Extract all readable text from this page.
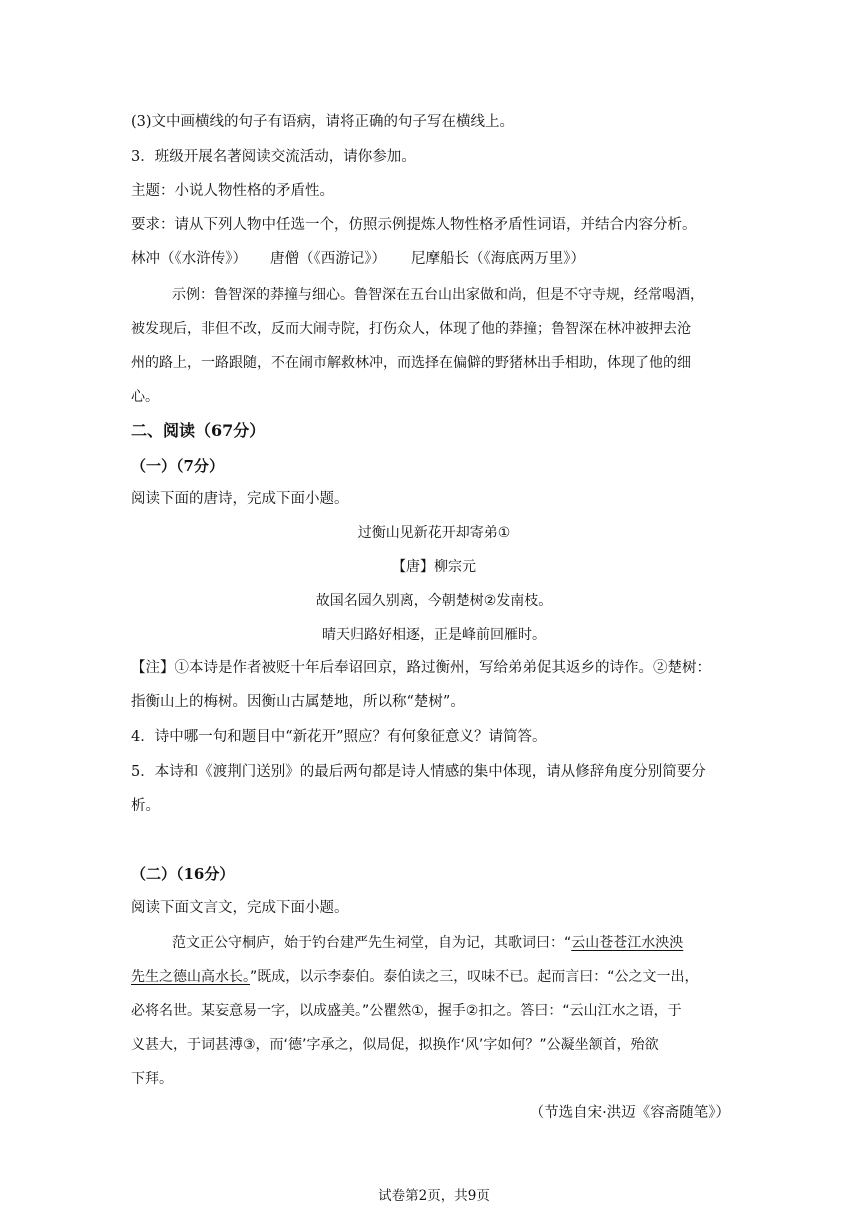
(3)文中画横线的句子有语病，请将正确的句子写在横线上。
3．班级开展名著阅读交流活动，请你参加。
主题：小说人物性格的矛盾性。
要求：请从下列人物中任选一个，仿照示例提炼人物性格矛盾性词语，并结合内容分析。
林冲（《水浒传》） 唐僧（《西游记》） 尼摩船长（《海底两万里》）
示例：鲁智深的莽撞与细心。鲁智深在五台山出家做和尚，但是不守寺规，经常喝酒，
被发现后，非但不改，反而大闹寺院，打伤众人，体现了他的莽撞；鲁智深在林冲被押去沧
州的路上，一路跟随，不在闹市解救林冲，而选择在偏僻的野猪林出手相助，体现了他的细
心。
二、阅读（67分）
（一）（7分）
阅读下面的唐诗，完成下面小题。
过衡山见新花开却寄弟①
【唐】柳宗元
故国名园久别离，今朝楚树②发南枝。
晴天归路好相逐，正是峰前回雁时。
【注】①本诗是作者被贬十年后奉诏回京，路过衡州，写给弟弟促其返乡的诗作。②楚树：
指衡山上的梅树。因衡山古属楚地，所以称“楚树”。
4．诗中哪一句和题目中“新花开”照应？有何象征意义？请简答。
5．本诗和《渡荆门送别》的最后两句都是诗人情感的集中体现，请从修辞角度分别简要分
析。
（二）（16分）
阅读下面文言文，完成下面小题。
范文正公守桐庐，始于钓台建严先生祠堂，自为记，其歌词曰：“云山苍苍江水泱泱
先生之德山高水长。”既成，以示李泰伯。泰伯读之三，叹味不已。起而言曰：“公之文一出，
必将名世。某妄意易一字，以成盛美。”公瞿然①，握手②扣之。答曰：“云山江水之语，于
义甚大，于词甚溥③，而‘德’字承之，似局促，拟换作‘风’字如何？”公凝坐颔首，殆欲
下拜。
（节选自宋·洪迈《容斋随笔》）
试卷第2页，共9页
